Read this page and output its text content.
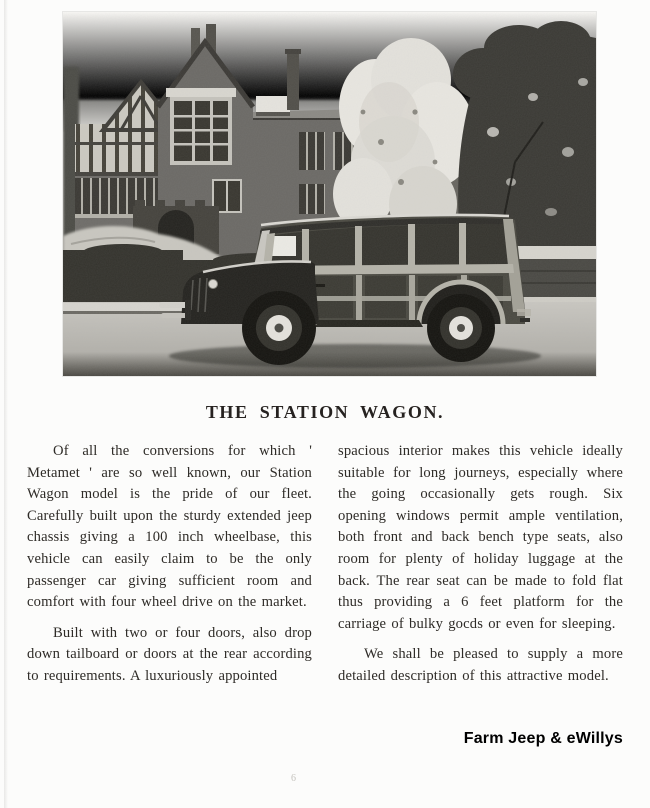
THE STATION WAGON.

Of all the conversions for which ' Metamet ' are so well known, our Station Wagon model is the pride of our fleet. Carefully built upon the sturdy extended jeep chassis giving a 100 inch wheelbase, this vehicle can easily claim to be the only passenger car giving sufficient room and comfort with four wheel drive on the market.

Built with two or four doors, also drop down tailboard or doors at the rear according to requirements. A luxuriously appointed

spacious interior makes this vehicle ideally suitable for long journeys, especially where the going occasionally gets rough. Six opening windows permit ample ventilation, both front and back bench type seats, also room for plenty of holiday luggage at the back. The rear seat can be made to fold flat thus providing a 6 feet platform for the carriage of bulky gocds or even for sleeping.

We shall be pleased to supply a more detailed description of this attractive model.

Farm Jeep & eWillys
6
